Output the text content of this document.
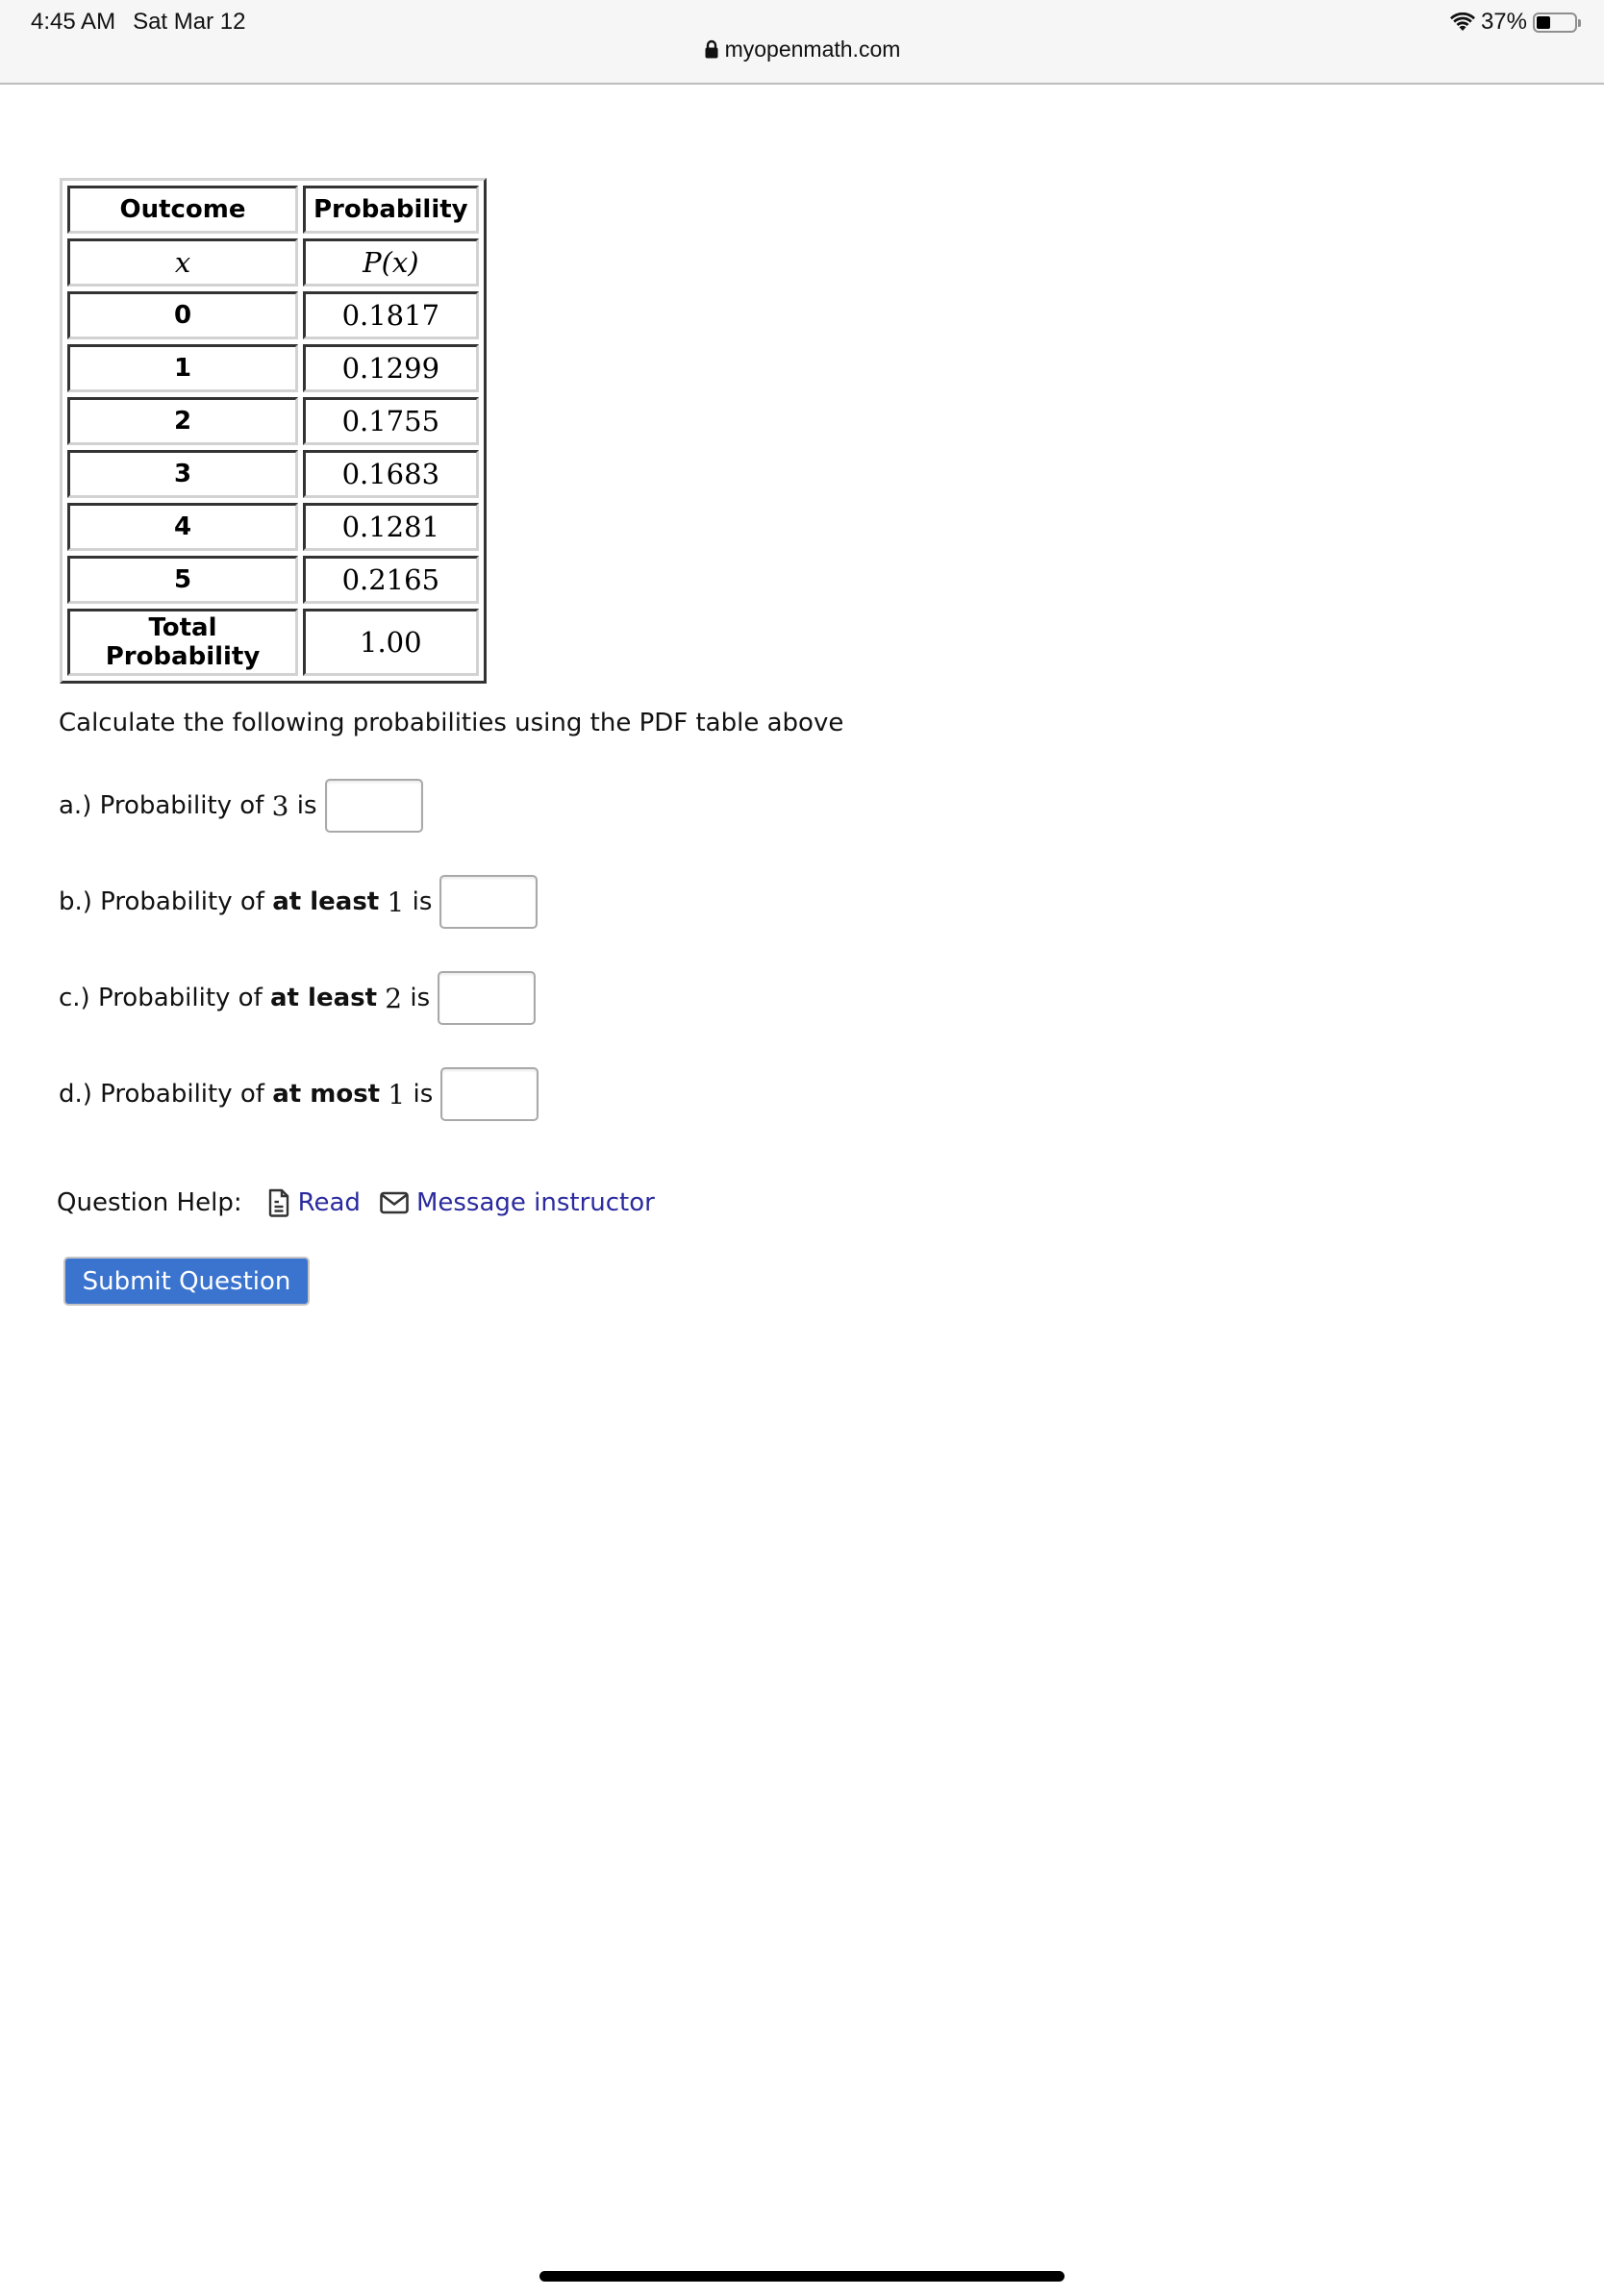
4:45 AM Sat Mar 12	37%
myopenmath.com
Outcome	Probability
x	P(x)
0	0.1817
1	0.1299
2	0.1755
3	0.1683
4	0.1281
5	0.2165
Total Probability	1.00
Calculate the following probabilities using the PDF table above
a.) Probability of 3 is
b.) Probability of at least
1 is
c.) Probability of at least
2 is
d.) Probability of at most
1 is
Question Help: Read Message instructor
Submit Question
